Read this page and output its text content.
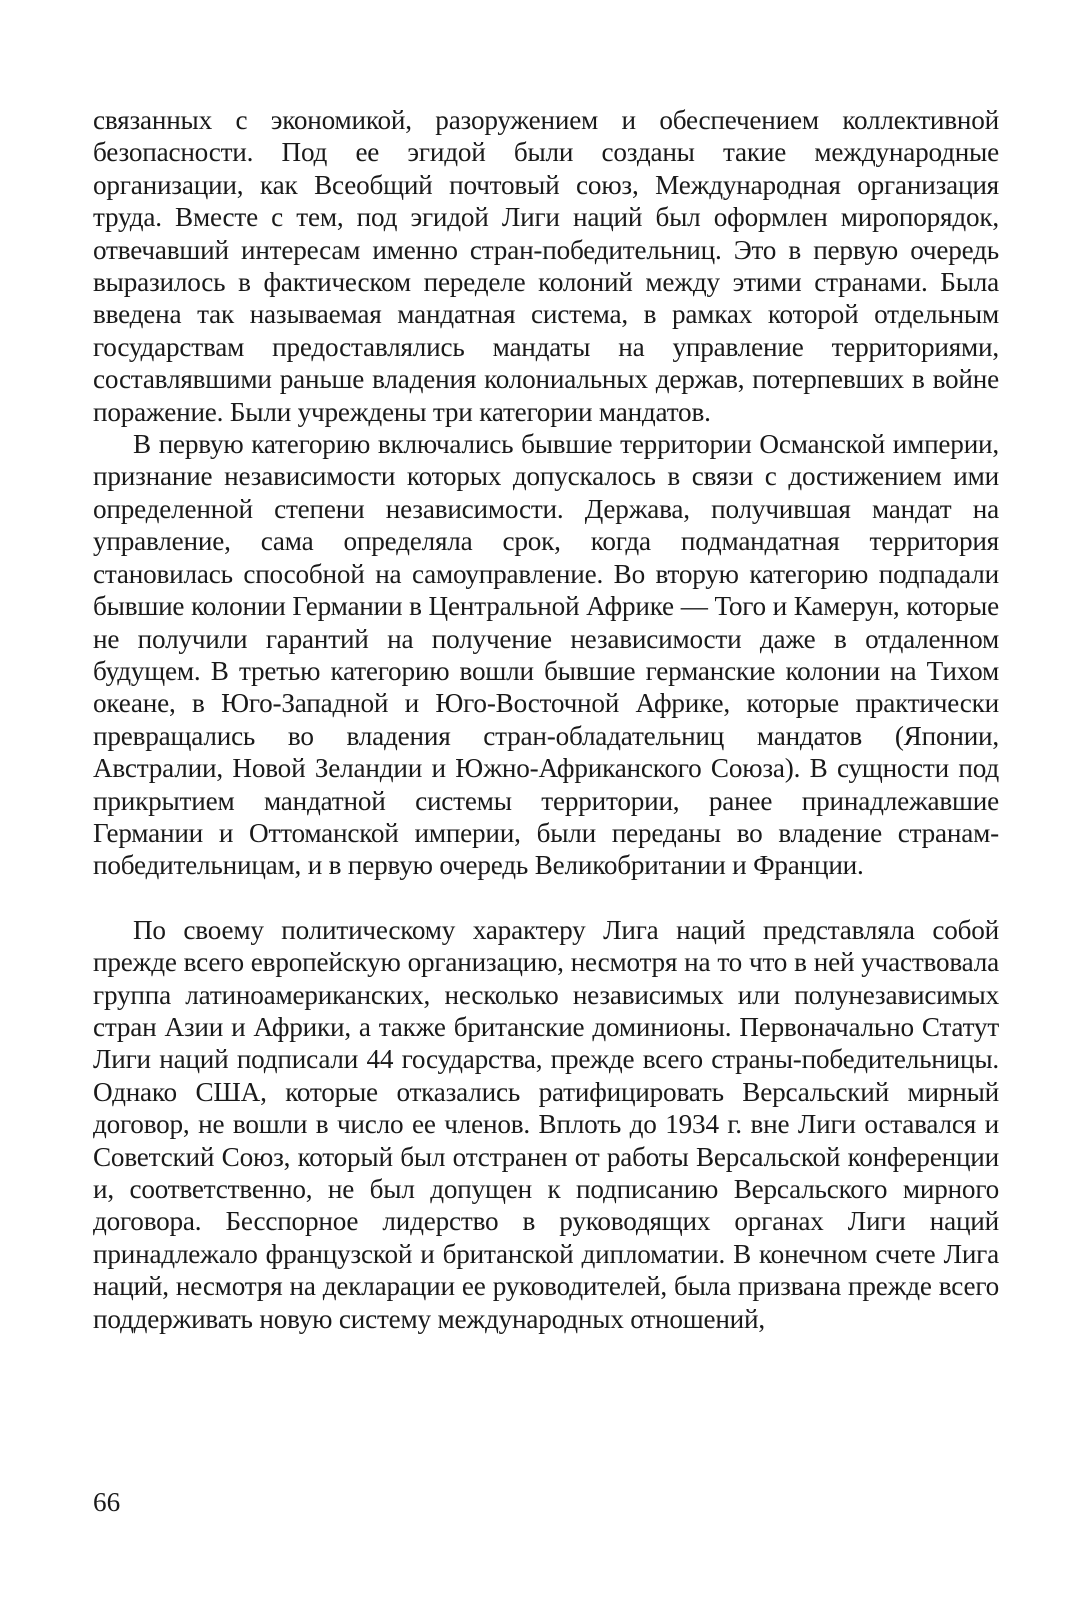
связанных с экономикой, разоружением и обеспечением коллективной безопасности. Под ее эгидой были созданы такие международные организации, как Всеобщий почтовый союз, Международная организация труда. Вместе с тем, под эгидой Лиги наций был оформлен миропорядок, отвечавший интересам именно стран-победительниц. Это в первую очередь выразилось в фактическом переделе колоний между этими странами. Была введена так называемая мандатная система, в рамках которой отдельным государствам предоставлялись мандаты на управление территориями, составлявшими раньше владения колониальных держав, потерпевших в войне поражение. Были учреждены три категории мандатов.

В первую категорию включались бывшие территории Османской империи, признание независимости которых допускалось в связи с достижением ими определенной степени независимости. Держава, получившая мандат на управление, сама определяла срок, когда подмандатная территория становилась способной на самоуправление. Во вторую категорию подпадали бывшие колонии Германии в Центральной Африке — Того и Камерун, которые не получили гарантий на получение независимости даже в отдаленном будущем. В третью категорию вошли бывшие германские колонии на Тихом океане, в Юго-Западной и Юго-Восточной Африке, которые практически превращались во владения стран-обладательниц мандатов (Японии, Австралии, Новой Зеландии и Южно-Африканского Союза). В сущности под прикрытием мандатной системы территории, ранее принадлежавшие Германии и Оттоманской империи, были переданы во владение странам-победительницам, и в первую очередь Великобритании и Франции.

По своему политическому характеру Лига наций представляла собой прежде всего европейскую организацию, несмотря на то что в ней участвовала группа латиноамериканских, несколько независимых или полунезависимых стран Азии и Африки, а также британские доминионы. Первоначально Статут Лиги наций подписали 44 государства, прежде всего страны-победительницы. Однако США, которые отказались ратифицировать Версальский мирный договор, не вошли в число ее членов. Вплоть до 1934 г. вне Лиги оставался и Советский Союз, который был отстранен от работы Версальской конференции и, соответственно, не был допущен к подписанию Версальского мирного договора. Бесспорное лидерство в руководящих органах Лиги наций принадлежало французской и британской дипломатии. В конечном счете Лига наций, несмотря на декларации ее руководителей, была призвана прежде всего поддерживать новую систему международных отношений,

66
